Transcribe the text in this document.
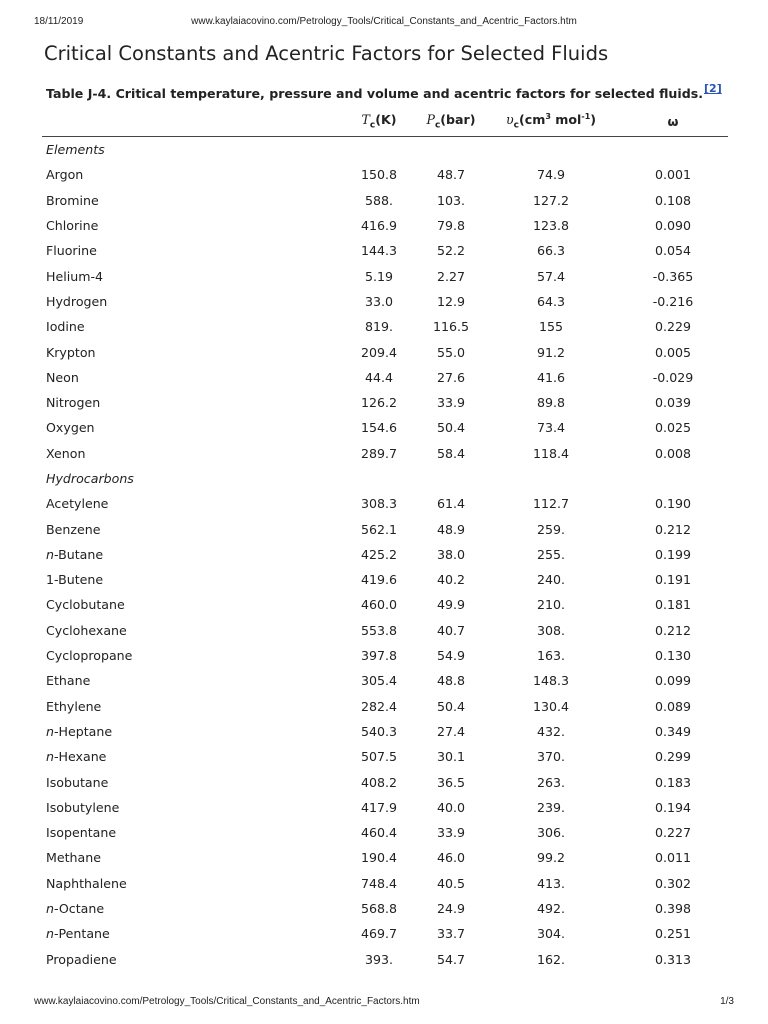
18/11/2019	www.kaylaiacovino.com/Petrology_Tools/Critical_Constants_and_Acentric_Factors.htm
Critical Constants and Acentric Factors for Selected Fluids
Table J-4. Critical temperature, pressure and volume and acentric factors for selected fluids.[2]
	$T_c(K)$	$P_c(bar)$	$\upsilon_c(cm^3$ mol$^{-1}$)	ω
Elements				
Argon	150.8	48.7	74.9	0.001
Bromine	588.	103.	127.2	0.108
Chlorine	416.9	79.8	123.8	0.090
Fluorine	144.3	52.2	66.3	0.054
Helium-4	5.19	2.27	57.4	-0.365
Hydrogen	33.0	12.9	64.3	-0.216
Iodine	819.	116.5	155	0.229
Krypton	209.4	55.0	91.2	0.005
Neon	44.4	27.6	41.6	-0.029
Nitrogen	126.2	33.9	89.8	0.039
Oxygen	154.6	50.4	73.4	0.025
Xenon	289.7	58.4	118.4	0.008
Hydrocarbons				
Acetylene	308.3	61.4	112.7	0.190
Benzene	562.1	48.9	259.	0.212
n-Butane	425.2	38.0	255.	0.199
1-Butene	419.6	40.2	240.	0.191
Cyclobutane	460.0	49.9	210.	0.181
Cyclohexane	553.8	40.7	308.	0.212
Cyclopropane	397.8	54.9	163.	0.130
Ethane	305.4	48.8	148.3	0.099
Ethylene	282.4	50.4	130.4	0.089
n-Heptane	540.3	27.4	432.	0.349
n-Hexane	507.5	30.1	370.	0.299
Isobutane	408.2	36.5	263.	0.183
Isobutylene	417.9	40.0	239.	0.194
Isopentane	460.4	33.9	306.	0.227
Methane	190.4	46.0	99.2	0.011
Naphthalene	748.4	40.5	413.	0.302
n-Octane	568.8	24.9	492.	0.398
n-Pentane	469.7	33.7	304.	0.251
Propadiene	393.	54.7	162.	0.313
www.kaylaiacovino.com/Petrology_Tools/Critical_Constants_and_Acentric_Factors.htm	1/3
